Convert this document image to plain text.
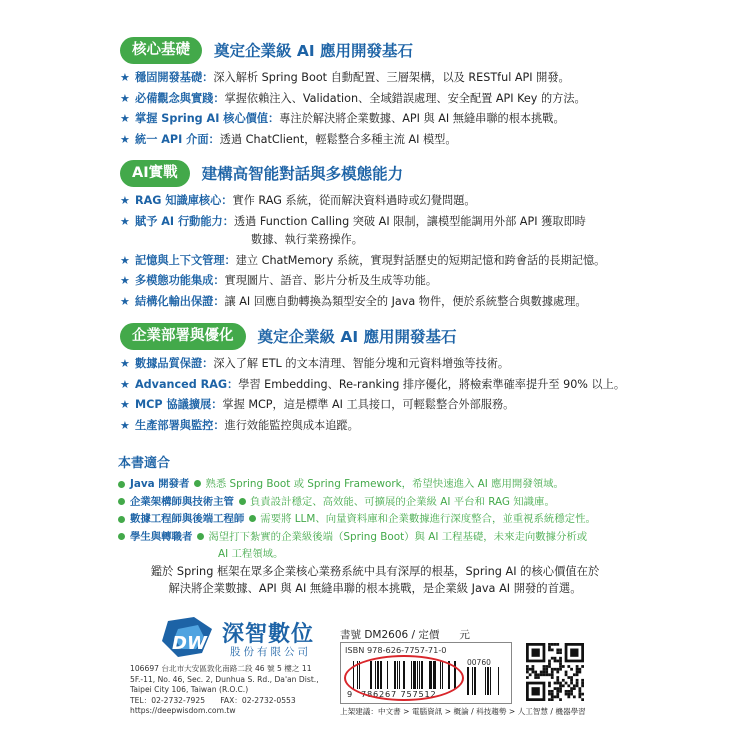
核心基礎	奠定企業級 AI 應用開發基石
★ 穩固開發基礎：深入解析 Spring Boot 自動配置、三層架構，以及 RESTful API 開發。
★ 必備觀念與實踐：掌握依賴注入、Validation、全域錯誤處理、安全配置 API Key 的方法。
★ 掌握 Spring AI 核心價值：專注於解決將企業數據、API 與 AI 無縫串聯的根本挑戰。
★ 統一 API 介面：透過 ChatClient，輕鬆整合多種主流 AI 模型。
AI實戰	建構高智能對話與多模態能力
★ RAG 知識庫核心：實作 RAG 系統，從而解決資料過時或幻覺問題。
★ 賦予 AI 行動能力：透過 Function Calling 突破 AI 限制，讓模型能調用外部 API 獲取即時
數據、執行業務操作。
★ 記憶與上下文管理：建立 ChatMemory 系統，實現對話歷史的短期記憶和跨會話的長期記憶。
★ 多模態功能集成：實現圖片、語音、影片分析及生成等功能。
★ 結構化輸出保證：讓 AI 回應自動轉換為類型安全的 Java 物件，便於系統整合與數據處理。
企業部署與優化	奠定企業級 AI 應用開發基石
★ 數據品質保證：深入了解 ETL 的文本清理、智能分塊和元資料增強等技術。
★ Advanced RAG：學習 Embedding、Re-ranking 排序優化，將檢索準確率提升至 90% 以上。
★ MCP 協議擴展：掌握 MCP，這是標準 AI 工具接口，可輕鬆整合外部服務。
★ 生產部署與監控：進行效能監控與成本追蹤。
本書適合
Java 開發者 熟悉 Spring Boot 或 Spring Framework，希望快速進入 AI 應用開發領域。
企業架構師與技術主管 負責設計穩定、高效能、可擴展的企業級 AI 平台和 RAG 知識庫。
數據工程師與後端工程師 需要將 LLM、向量資料庫和企業數據進行深度整合，並重視系統穩定性。
學生與轉職者 渴望打下紮實的企業級後端（Spring Boot）與 AI 工程基礎，未來走向數據分析或
AI 工程領域。
鑑於 Spring 框架在眾多企業核心業務系統中具有深厚的根基，Spring AI 的核心價值在於
解決將企業數據、API 與 AI 無縫串聯的根本挑戰，是企業級 Java AI 開發的首選。
DW 深智數位
股份有限公司
106697 台北市大安區敦化南路二段 46 號 5 樓之 11
5F.-11, No. 46, Sec. 2, Dunhua S. Rd., Da'an Dist.,
Taipei City 106, Taiwan (R.O.C.)
TEL：02-2732-7925　　FAX：02-2732-0553
https://deepwisdom.com.tw
書號 DM2606 / 定價 元
ISBN 978-626-7757-71-0
00760
9 786267 757512
上架建議：中文書 > 電腦資訊 > 概論 / 科技趨勢 > 人工智慧 / 機器學習
